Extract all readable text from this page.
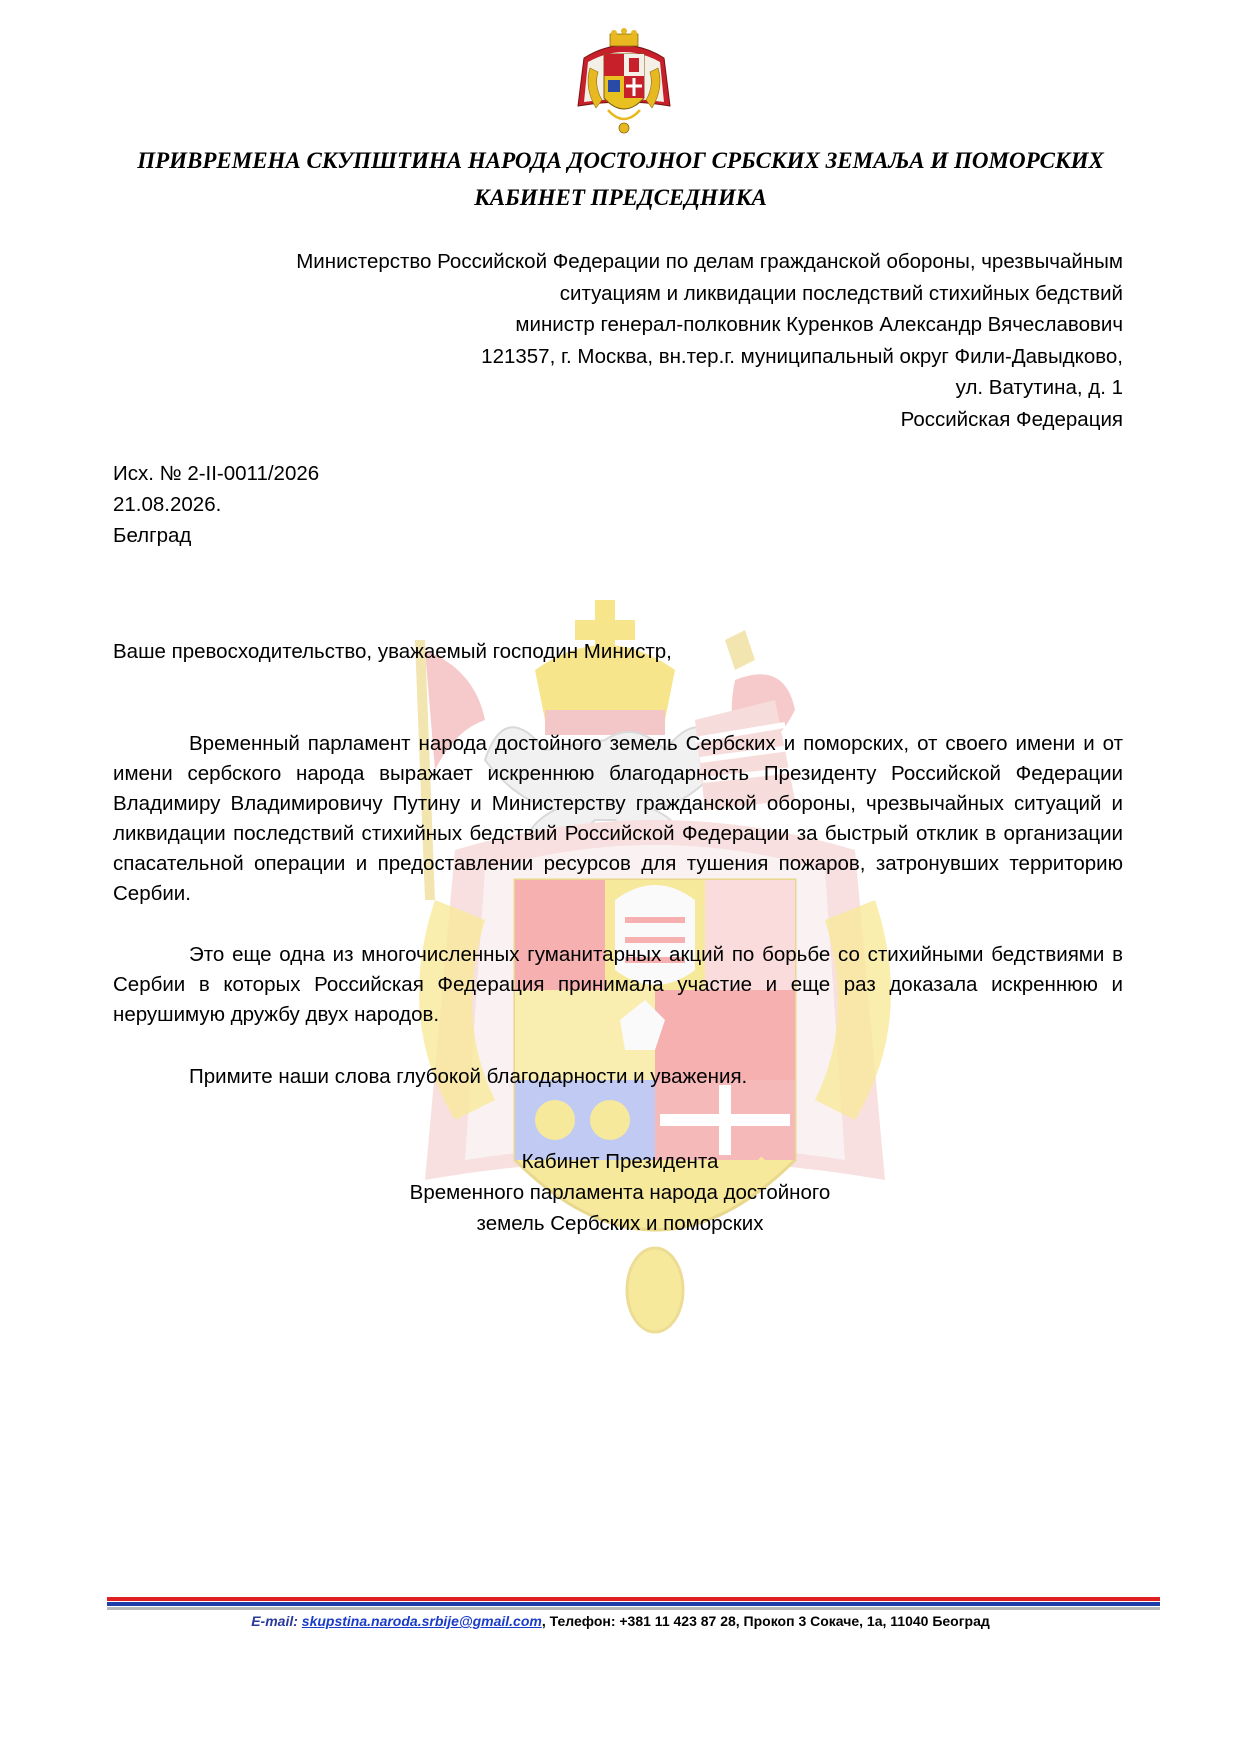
ПРИВРЕМЕНА СКУПШТИНА НАРОДА ДОСТОЈНОГ СРБСКИХ ЗЕМАЉА И ПОМОРСКИХ
КАБИНЕТ ПРЕДСЕДНИКА
Министерство Российской Федерации по делам гражданской обороны, чрезвычайным
ситуациям и ликвидации последствий стихийных бедствий
министр генерал-полковник Куренков Александр Вячеславович
121357, г. Москва, вн.тер.г. муниципальный округ Фили-Давыдково,
ул. Ватутина, д. 1
Российская Федерация
Исх. № 2-II-0011/2026
21.08.2026.
Белград
Ваше превосходительство, уважаемый господин Министр,
Временный парламент народа достойного земель Сербских и поморских, от своего имени и от имени сербского народа выражает искреннюю благодарность Президенту Российской Федерации Владимиру Владимировичу Путину и Министерству гражданской обороны, чрезвычайных ситуаций и ликвидации последствий стихийных бедствий Российской Федерации за быстрый отклик в организации спасательной операции и предоставлении ресурсов для тушения пожаров, затронувших территорию Сербии.
Это еще одна из многочисленных гуманитарных акций по борьбе со стихийными бедствиями в Сербии в которых Российская Федерация принимала участие и еще раз доказала искреннюю и нерушимую дружбу двух народов.
Примите наши слова глубокой благодарности и уважения.
Кабинет Президента
Временного парламента народа достойного
земель Сербских и поморских
E-mail: skupstina.naroda.srbije@gmail.com, Телефон: +381 11 423 87 28, Прокоп 3 Сокаче, 1а, 11040 Београд
